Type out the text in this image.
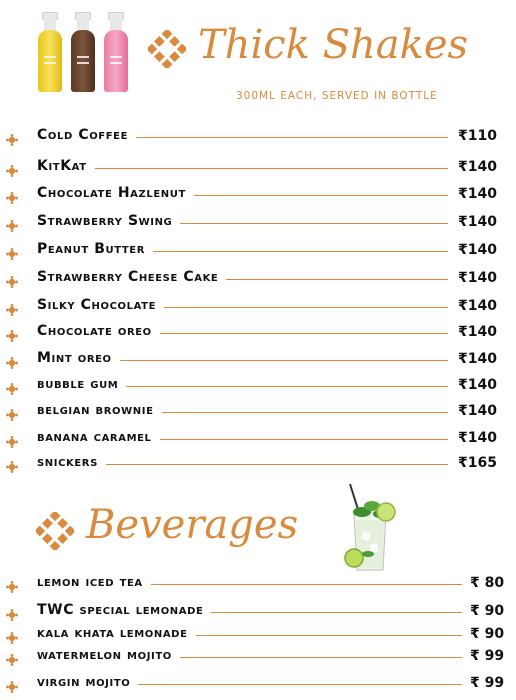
Thick Shakes
300ML EACH, SERVED IN BOTTLE
Cold Coffee	₹110
KitKat	₹140
Chocolate Hazlenut	₹140
Strawberry Swing	₹140
Peanut Butter	₹140
Strawberry Cheese Cake	₹140
Silky Chocolate	₹140
Chocolate oreo	₹140
Mint oreo	₹140
bubble gum	₹140
belgian brownie	₹140
banana caramel	₹140
snickers	₹165
Beverages
lemon iced tea	₹ 80
TWC special lemonade	₹ 90
kala khata lemonade	₹ 90
watermelon mojito	₹ 99
virgin mojito	₹ 99
